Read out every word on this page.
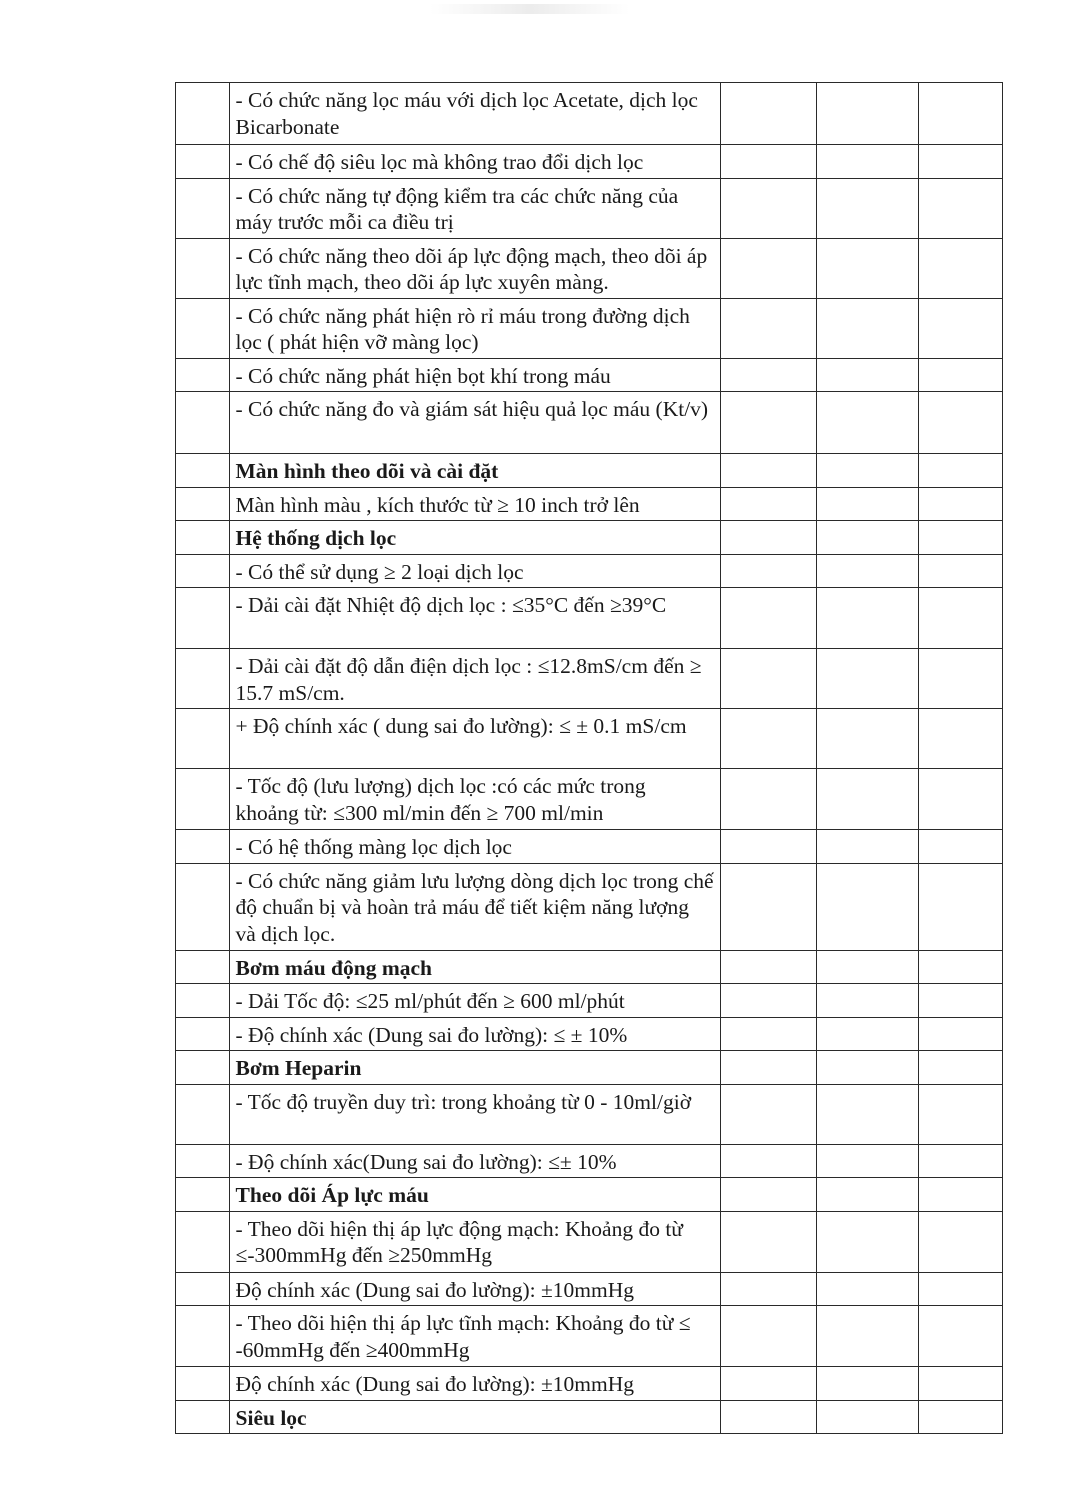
	- Có chức năng lọc máu với dịch lọc Acetate, dịch lọc Bicarbonate			

	- Có chế độ siêu lọc mà không trao đổi dịch lọc			

	- Có chức năng tự động kiểm tra các chức năng của máy trước mỗi ca điều trị			

	- Có chức năng theo dõi áp lực động mạch, theo dõi áp lực tĩnh mạch, theo dõi áp lực xuyên màng.			

	- Có chức năng phát hiện rò rỉ máu trong đường dịch lọc ( phát hiện vỡ màng lọc)			

	- Có chức năng phát hiện bọt khí trong máu			

	- Có chức năng đo và giám sát hiệu quả lọc máu (Kt/v)			

	Màn hình theo dõi và cài đặt			

	Màn hình màu , kích thước từ ≥ 10 inch trở lên			

	Hệ thống dịch lọc			

	- Có thể sử dụng ≥ 2 loại dịch lọc			

	- Dải cài đặt Nhiệt độ dịch lọc : ≤35°C đến ≥39°C			

	- Dải cài đặt độ dẫn điện dịch lọc : ≤12.8mS/cm đến ≥ 15.7 mS/cm.			

	+ Độ chính xác ( dung sai đo lường): ≤ ± 0.1 mS/cm			

	- Tốc độ (lưu lượng) dịch lọc :có các mức trong khoảng từ: ≤300 ml/min đến ≥ 700 ml/min			

	- Có hệ thống màng lọc dịch lọc			

	- Có chức năng giảm lưu lượng dòng dịch lọc trong chế độ chuẩn bị và hoàn trả máu để tiết kiệm năng lượng và dịch lọc.			

	Bơm máu động mạch			

	- Dải Tốc độ: ≤25 ml/phút đến ≥ 600 ml/phút			

	- Độ chính xác (Dung sai đo lường): ≤ ± 10%			

	Bơm Heparin			

	- Tốc độ truyền duy trì: trong khoảng từ 0 - 10ml/giờ			

	- Độ chính xác(Dung sai đo lường): ≤± 10%			

	Theo dõi Áp lực máu			

	- Theo dõi hiện thị áp lực động mạch: Khoảng đo từ ≤-300mmHg đến ≥250mmHg			

	Độ chính xác (Dung sai đo lường): ±10mmHg			

	- Theo dõi hiện thị áp lực tĩnh mạch: Khoảng đo từ ≤ -60mmHg đến ≥400mmHg			

	Độ chính xác (Dung sai đo lường): ±10mmHg			

	Siêu lọc			
